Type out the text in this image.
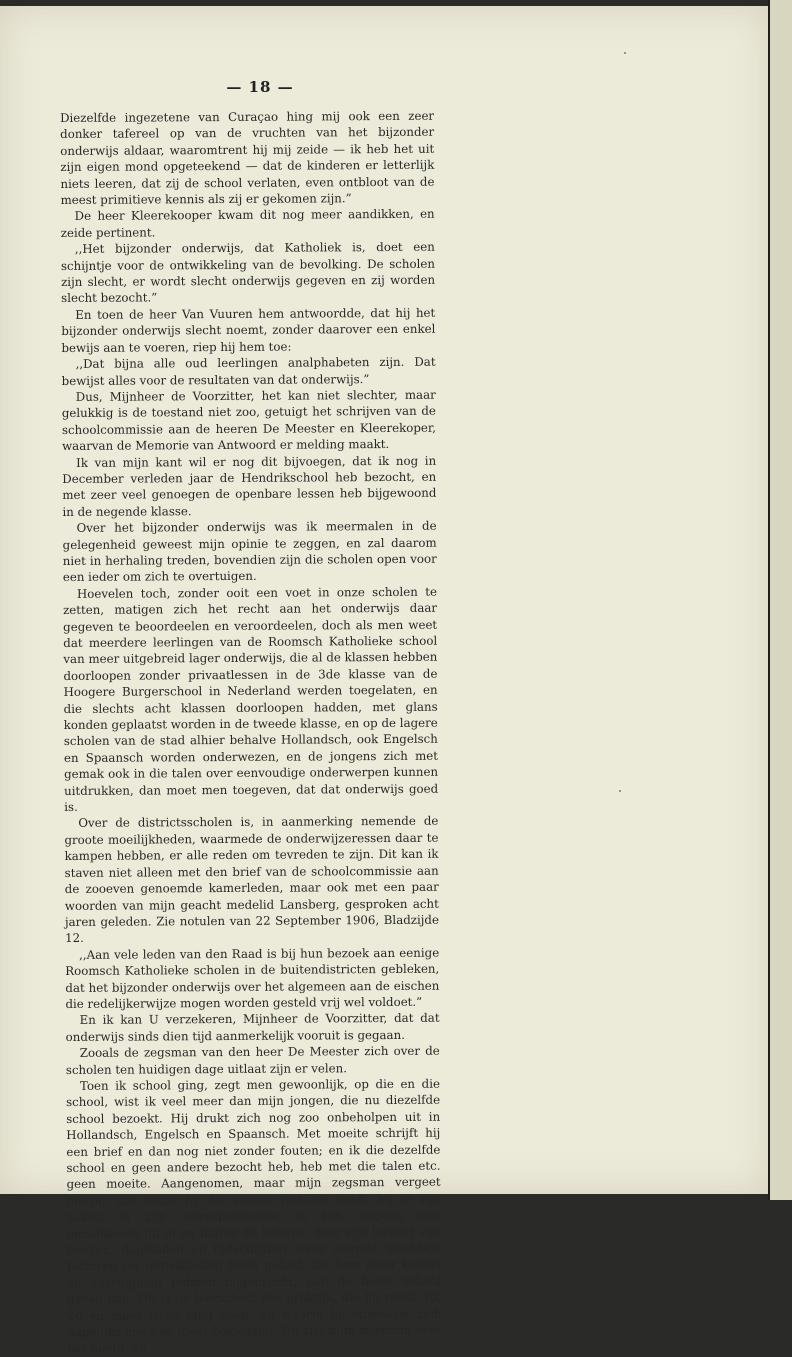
— 18 —

Diezelfde ingezetene van Curaçao hing mij ook een zeer donker tafereel op van de vruchten van het bijzonder onderwijs aldaar, waaromtrent hij mij zeide — ik heb het uit zijn eigen mond opgeteekend — dat de kinderen er letterlijk niets leeren, dat zij de school verlaten, even ontbloot van de meest primitieve kennis als zij er gekomen zijn.”

De heer Kleerekooper kwam dit nog meer aandikken, en zeide pertinent.

,,Het bijzonder onderwijs, dat Katholiek is, doet een schijntje voor de ontwikkeling van de bevolking. De scholen zijn slecht, er wordt slecht onderwijs gegeven en zij worden slecht bezocht.”

En toen de heer Van Vuuren hem antwoordde, dat hij het bijzonder onderwijs slecht noemt, zonder daarover een enkel bewijs aan te voeren, riep hij hem toe:

,,Dat bijna alle oud leerlingen analphabeten zijn. Dat bewijst alles voor de resultaten van dat onderwijs.”

Dus, Mijnheer de Voorzitter, het kan niet slechter, maar gelukkig is de toestand niet zoo, getuigt het schrijven van de schoolcommissie aan de heeren De Meester en Kleerekoper, waarvan de Memorie van Antwoord er melding maakt.

Ik van mijn kant wil er nog dit bijvoegen, dat ik nog in December verleden jaar de Hendrikschool heb bezocht, en met zeer veel genoegen de openbare lessen heb bijgewoond in de negende klasse.

Over het bijzonder onderwijs was ik meermalen in de gelegenheid geweest mijn opinie te zeggen, en zal daarom niet in herhaling treden, bovendien zijn die scholen open voor een ieder om zich te overtuigen.

Hoevelen toch, zonder ooit een voet in onze scholen te zetten, matigen zich het recht aan het onderwijs daar gegeven te beoordeelen en veroordeelen, doch als men weet dat meerdere leerlingen van de Roomsch Katholieke school van meer uitgebreid lager onderwijs, die al de klassen hebben doorloopen zonder privaatlessen in de 3de klasse van de Hoogere Burgerschool in Nederland werden toegelaten, en die slechts acht klassen doorloopen hadden, met glans konden geplaatst worden in de tweede klasse, en op de lagere scholen van de stad alhier behalve Hollandsch, ook Engelsch en Spaansch worden onderwezen, en de jongens zich met gemak ook in die talen over eenvoudige onderwerpen kunnen uitdrukken, dan moet men toegeven, dat dat onderwijs goed is.

Over de districtsscholen is, in aanmerking nemende de groote moeilijkheden, waarmede de onderwijzeressen daar te kampen hebben, er alle reden om tevreden te zijn. Dit kan ik staven niet alleen met den brief van de schoolcommissie aan de zooeven genoemde kamerleden, maar ook met een paar woorden van mijn geacht medelid Lansberg, gesproken acht jaren geleden. Zie notulen van 22 September 1906, Bladzijde 12.

,,Aan vele leden van den Raad is bij hun bezoek aan eenige Roomsch Katholieke scholen in de buitendistricten gebleken, dat het bijzonder onderwijs over het algemeen aan de eischen die redelijkerwijze mogen worden gesteld vrij wel voldoet.”

En ik kan U verzekeren, Mijnheer de Voorzitter, dat dat onderwijs sinds dien tijd aanmerkelijk vooruit is gegaan.

Zooals de zegsman van den heer De Meester zich over de scholen ten huidigen dage uitlaat zijn er velen.

Toen ik school ging, zegt men gewoonlijk, op die en die school, wist ik veel meer dan mijn jongen, die nu diezelfde school bezoekt. Hij drukt zich nog zoo onbeholpen uit in Hollandsch, Engelsch en Spaansch. Met moeite schrijft hij een brief en dan nog niet zonder fouten; en ik die dezelfde school en geen andere bezocht heb, heb met die talen etc. geen moeite. Aangenomen, maar mijn zegsman vergeet hierbij, dat nadat hij die school verlaten heeft, hij in zijn zaken, in zijn correspondentie, in zijn omgang met ontwikkelde lui in en buiten de kolonie, door zijn lectuur van boeken, dagbladen en tijdschriften, even zoovele machtige factoren ter ontwikkeling heeft gehad, die hem meer kennis en vaardigheid hebben bijgebracht, dan de beste school geven kan. Dit is de leerschool der praktijk, die hij reeds 10, 20 en meer jaren lang volgt, en waarin hij onbewust zich dagelijks meer en meer bekwaamt. Dit ziet mijn zegsman over het hoofd, en
